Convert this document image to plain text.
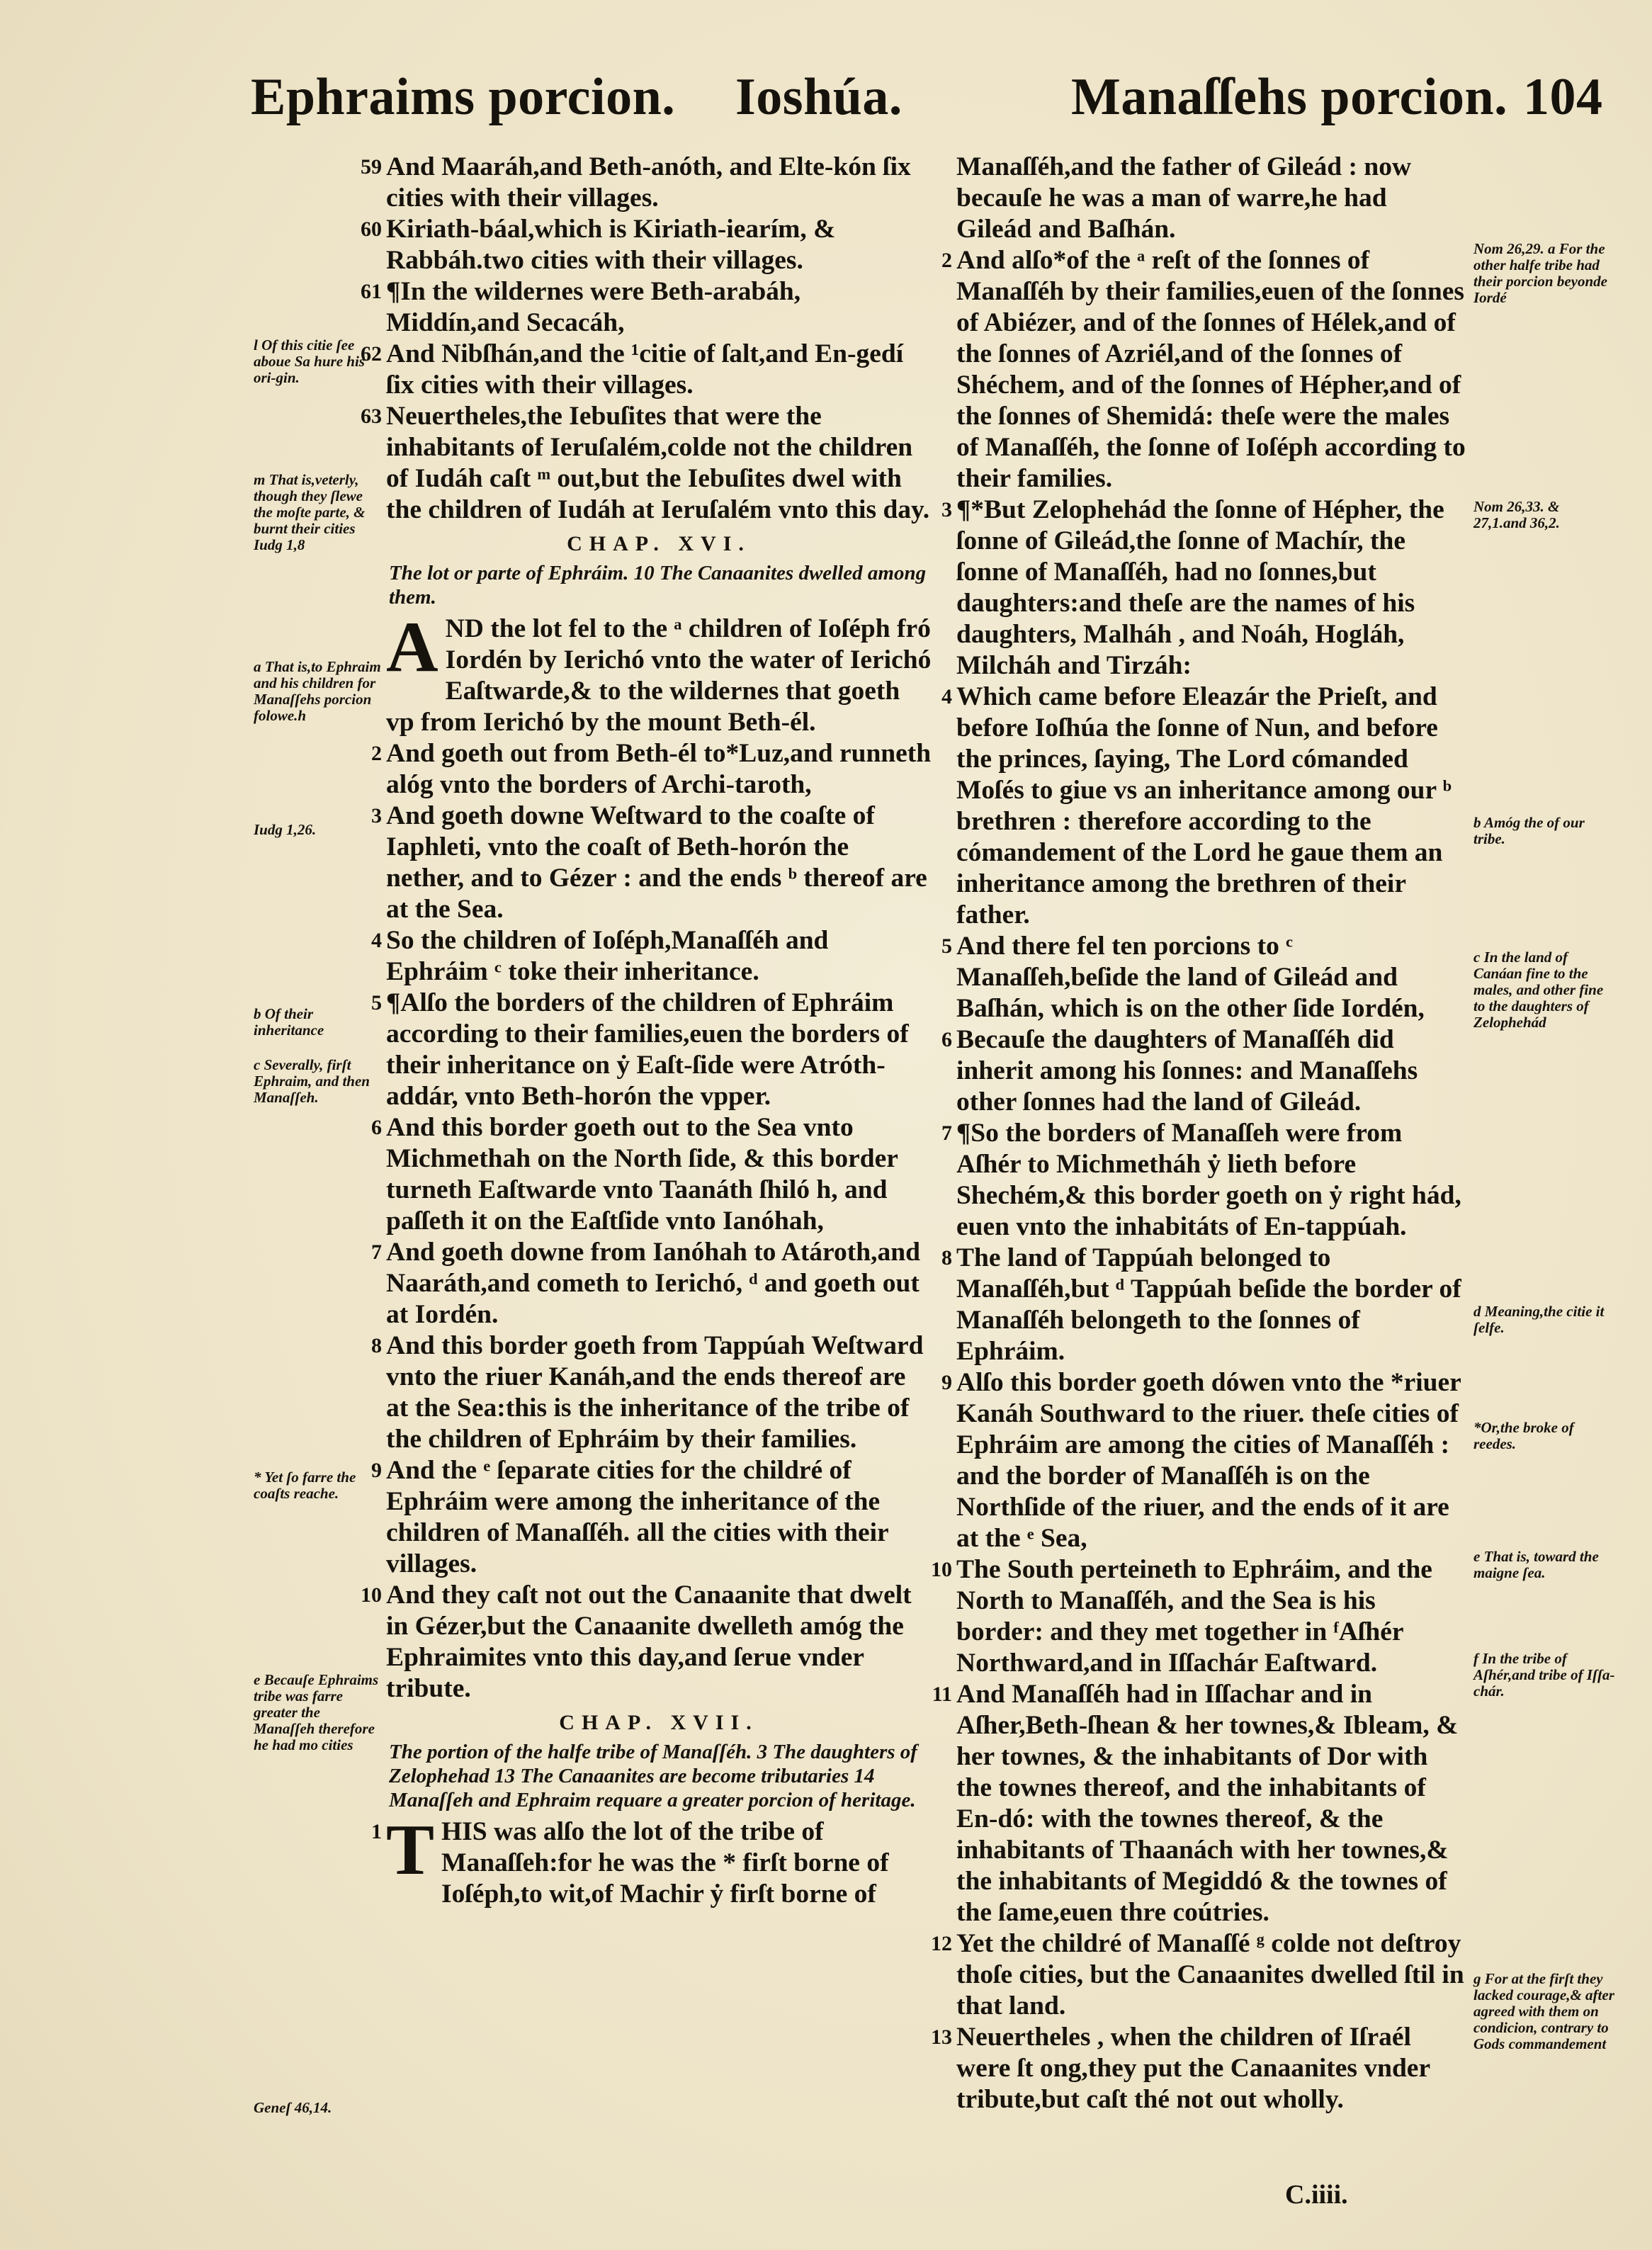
Ephraims porcion. Ioshúa.	Manaſſehs porcion. 104
l Of this citie ſee aboue Sa hure his ori-gin.
m That is,veterly, though they ſlewe the moſte parte, & burnt their cities Iudg 1,8
a That is,to Ephraim and his children for Manaſſehs porcion folowe.h
Iudg 1,26.
b Of their inheritance
c Severally, firſt Ephraim, and then Manaſſeh.
* Yet ſo farre the coaſts reache.
e Becauſe Ephraims tribe was farre greater the Manaſſeh therefore he had mo cities
Geneſ 46,14.
Nom 26,29. a For the other halfe tribe had their porcion beyonde Iordé
Nom 26,33. & 27,1.and 36,2.
b Amóg the of our tribe.
c In the land of Canáan fine to the males, and other fine to the daughters of Zelophehád
d Meaning,the citie it ſelfe.
*Or,the broke of reedes.
e That is, toward the maigne ſea.
f In the tribe of Aſhér,and tribe of Iſſa-chár.
g For at the firſt they lacked courage,& after agreed with them on condicion, contrary to Gods commandement
59 And Maaráh,and Beth-anóth, and Elte-kón ſix cities with their villages.
60 Kiriath-báal,which is Kiriath-iearím, & Rabbáh.two cities with their villages.
61 ¶In the wildernes were Beth-arabáh, Middín,and Secacáh,
62 And Nibſhán,and the ¹citie of ſalt,and En-gedí ſix cities with their villages.
63 Neuertheles,the Iebuſites that were the inhabitants of Ieruſalém,colde not the children of Iudáh caſt ᵐ out,but the Iebuſites dwel with the children of Iudáh at Ieruſalém vnto this day.
CHAP. XVI.
The lot or parte of Ephráim. 10 The Canaanites dwelled among them.
A ND the lot fel to the ᵃ children of Ioſéph fró Iordén by Ierichó vnto the water of Ierichó Eaſtwarde,& to the wildernes that goeth vp from Ierichó by the mount Beth-él.
2 And goeth out from Beth-él to*Luz,and runneth alóg vnto the borders of Archi-taroth,
3 And goeth downe Weſtward to the coaſte of Iaphleti, vnto the coaſt of Beth-horón the nether, and to Gézer : and the ends ᵇ thereof are at the Sea.
4 So the children of Ioſéph,Manaſſéh and Ephráim ᶜ toke their inheritance.
5 ¶Alſo the borders of the children of Ephráim according to their families,euen the borders of their inheritance on ẏ Eaſt-ſide were Atróth-addár, vnto Beth-horón the vpper.
6 And this border goeth out to the Sea vnto Michmethah on the North ſide, & this border turneth Eaſtwarde vnto Taanáth ſhiló h, and paſſeth it on the Eaſtſide vnto Ianóhah,
7 And goeth downe from Ianóhah to Atároth,and Naaráth,and cometh to Ierichó, ᵈ and goeth out at Iordén.
8 And this border goeth from Tappúah Weſtward vnto the riuer Kanáh,and the ends thereof are at the Sea:this is the inheritance of the tribe of the children of Ephráim by their families.
9 And the ᵉ ſeparate cities for the childré of Ephráim were among the inheritance of the children of Manaſſéh. all the cities with their villages.
10 And they caſt not out the Canaanite that dwelt in Gézer,but the Canaanite dwelleth amóg the Ephraimites vnto this day,and ſerue vnder tribute.
CHAP. XVII.
The portion of the halfe tribe of Manaſſéh. 3 The daughters of Zelophehad 13 The Canaanites are become tributaries 14 Manaſſeh and Ephraim requare a greater porcion of heritage.
1 T HIS was alſo the lot of the tribe of Manaſſeh:for he was the * firſt borne of Ioſéph,to wit,of Machir ẏ firſt borne of
Manaſſéh,and the father of Gileád : now becauſe he was a man of warre,he had Gileád and Baſhán.
2 And alſo*of the ᵃ reſt of the ſonnes of Manaſſéh by their families,euen of the ſonnes of Abiézer, and of the ſonnes of Hélek,and of the ſonnes of Azriél,and of the ſonnes of Shéchem, and of the ſonnes of Hépher,and of the ſonnes of Shemidá: theſe were the males of Manaſſéh, the ſonne of Ioſéph according to their families.
3 ¶*But Zelophehád the ſonne of Hépher, the ſonne of Gileád,the ſonne of Machír, the ſonne of Manaſſéh, had no ſonnes,but daughters:and theſe are the names of his daughters, Malháh , and Noáh, Hogláh, Milcháh and Tirzáh:
4 Which came before Eleazár the Prieſt, and before Ioſhúa the ſonne of Nun, and before the princes, ſaying, The Lord cómanded Moſés to giue vs an inheritance among our ᵇ brethren : therefore according to the cómandement of the Lord he gaue them an inheritance among the brethren of their father.
5 And there fel ten porcions to ᶜ Manaſſeh,beſide the land of Gileád and Baſhán, which is on the other ſide Iordén,
6 Becauſe the daughters of Manaſſéh did inherit among his ſonnes: and Manaſſehs other ſonnes had the land of Gileád.
7 ¶So the borders of Manaſſeh were from Aſhér to Michmetháh ẏ lieth before Shechém,& this border goeth on ẏ right hád, euen vnto the inhabitáts of En-tappúah.
8 The land of Tappúah belonged to Manaſſéh,but ᵈ Tappúah beſide the border of Manaſſéh belongeth to the ſonnes of Ephráim.
9 Alſo this border goeth dówen vnto the *riuer Kanáh Southward to the riuer. theſe cities of Ephráim are among the cities of Manaſſéh : and the border of Manaſſéh is on the Northſide of the riuer, and the ends of it are at the ᵉ Sea,
10 The South perteineth to Ephráim, and the North to Manaſſéh, and the Sea is his border: and they met together in ᶠAſhér Northward,and in Iſſachár Eaſtward.
11 And Manaſſéh had in Iſſachar and in Aſher,Beth-ſhean & her townes,& Ibleam, & her townes, & the inhabitants of Dor with the townes thereof, and the inhabitants of En-dó: with the townes thereof, & the inhabitants of Thaanách with her townes,& the inhabitants of Megiddó & the townes of the ſame,euen thre coútries.
12 Yet the childré of Manaſſé ᵍ colde not deſtroy thoſe cities, but the Canaanites dwelled ſtil in that land.
13 Neuertheles , when the children of Iſraél were ſt ong,they put the Canaanites vnder tribute,but caſt thé not out wholly.
C.iiii.
